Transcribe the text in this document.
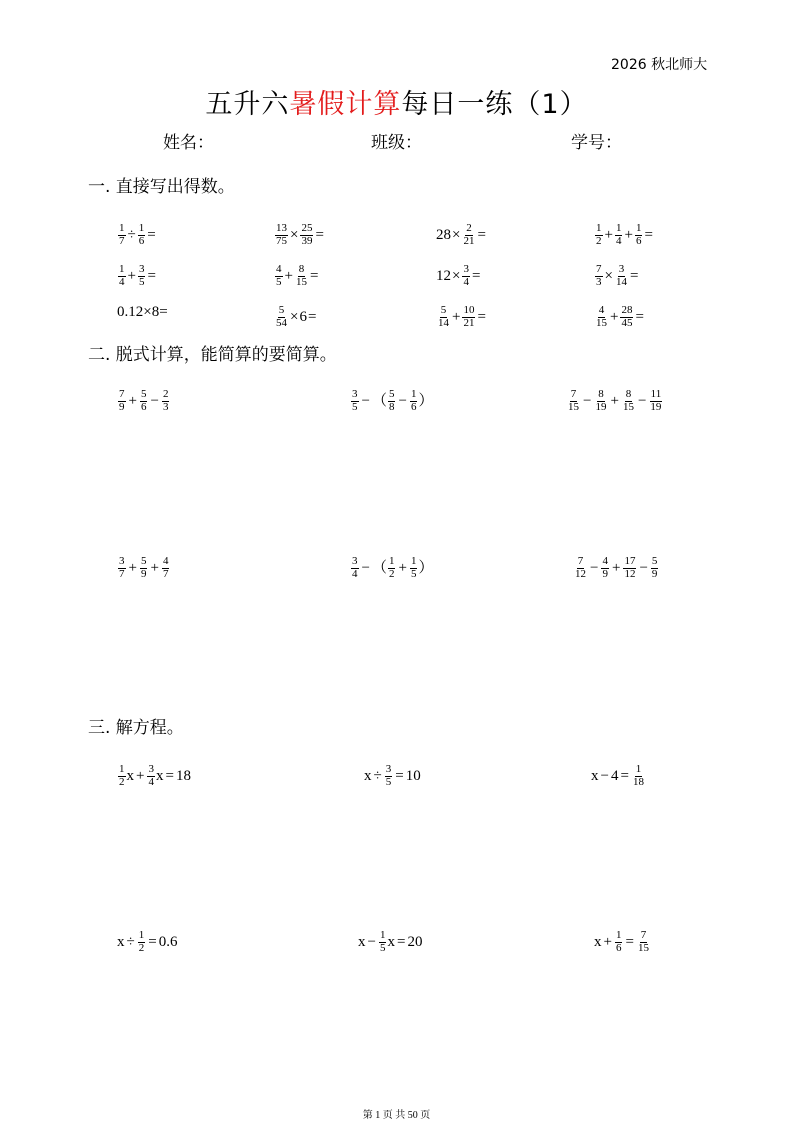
2026 秋北师大
五升六暑假计算每日一练（1）
姓名：	班级：	学号：
一. 直接写出得数。
二. 脱式计算，能简算的要简算。
三. 解方程。
$\frac{1}{7} \div \frac{1}{6}$ =	$\frac{13}{75} \times \frac{25}{39}$ =	$28 \times \frac{2}{21}$ =	$\frac{1}{2} + \frac{1}{4} + \frac{1}{6}$ =
$\frac{1}{4} + \frac{3}{5}$ =	$\frac{4}{5} + \frac{8}{15}$ =	$12 \times \frac{3}{4}$ =	$\frac{7}{3} \times \frac{3}{14}$ =
0.12×8=	$\frac{5}{54} \times 6$ =	$\frac{5}{14} + \frac{10}{21}$ =	$\frac{4}{15} + \frac{28}{45}$ =
$\frac{7}{9} + \frac{5}{6} - \frac{2}{3}$	$\frac{3}{5}$ − （ $\frac{5}{8} - \frac{1}{6}$ ）	$\frac{7}{15} - \frac{8}{19} + \frac{8}{15} - \frac{11}{19}$
$\frac{3}{7} + \frac{5}{9} + \frac{4}{7}$	$\frac{3}{4}$ − （ $\frac{1}{2} + \frac{1}{5}$ ）	$\frac{7}{12} - \frac{4}{9} + \frac{17}{12} - \frac{5}{9}$
$\frac{1}{2}$ $x + \frac{3}{4}$ x = 18	$x \div \frac{3}{5} = 10$	$x - 4 = \frac{1}{18}$
$x \div \frac{1}{2} = 0.6$	$x - \frac{1}{5}$ x = 20	$x + \frac{1}{6} = \frac{7}{15}$
第 1 页 共 50 页
